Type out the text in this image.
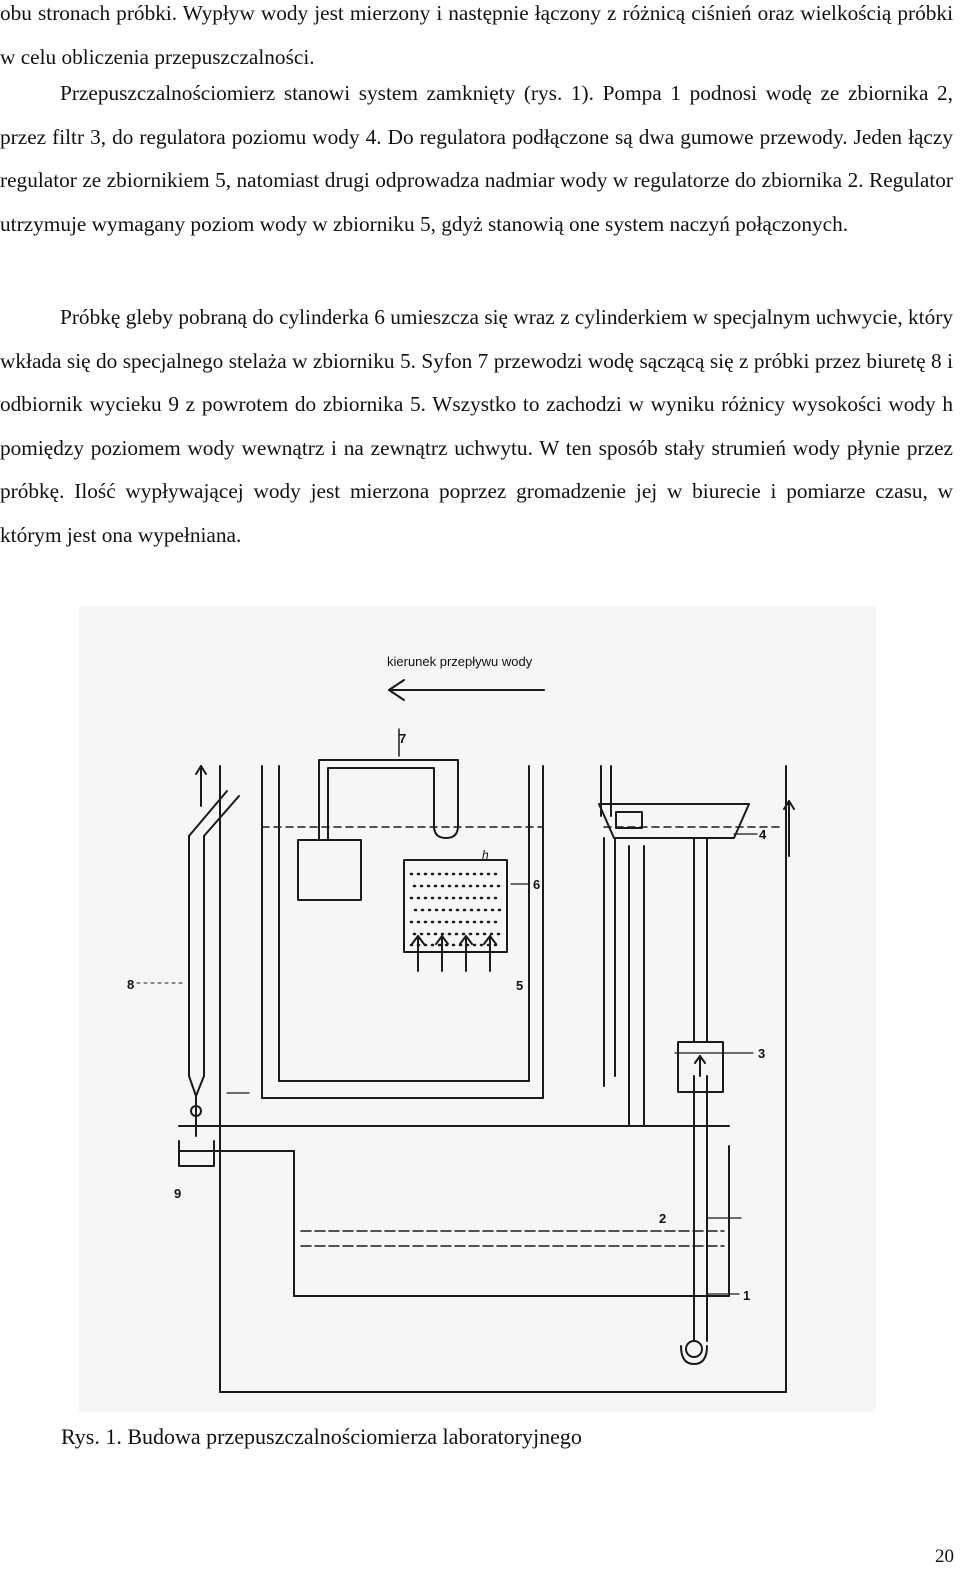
obu stronach próbki. Wypływ wody jest mierzony i następnie łączony z różnicą ciśnień oraz wielkością próbki w celu obliczenia przepuszczalności.

Przepuszczalnościomierz stanowi system zamknięty (rys. 1). Pompa 1 podnosi wodę ze zbiornika 2, przez filtr 3, do regulatora poziomu wody 4. Do regulatora podłączone są dwa gumowe przewody. Jeden łączy regulator ze zbiornikiem 5, natomiast drugi odprowadza nadmiar wody w regulatorze do zbiornika 2. Regulator utrzymuje wymagany poziom wody w zbiorniku 5, gdyż stanowią one system naczyń połączonych.

Próbkę gleby pobraną do cylinderka 6 umieszcza się wraz z cylinderkiem w specjalnym uchwycie, który wkłada się do specjalnego stelaża w zbiorniku 5. Syfon 7 przewodzi wodę sączącą się z próbki przez biuretę 8 i odbiornik wycieku 9 z powrotem do zbiornika 5. Wszystko to zachodzi w wyniku różnicy wysokości wody h pomiędzy poziomem wody wewnątrz i na zewnątrz uchwytu. W ten sposób stały strumień wody płynie przez próbkę. Ilość wypływającej wody jest mierzona poprzez gromadzenie jej w biurecie i pomiarze czasu, w którym jest ona wypełniana.

7
h
4
6
5
8
3
9
2
1
kierunek przepływu wody

Rys. 1. Budowa przepuszczalnościomierza laboratoryjnego

20
